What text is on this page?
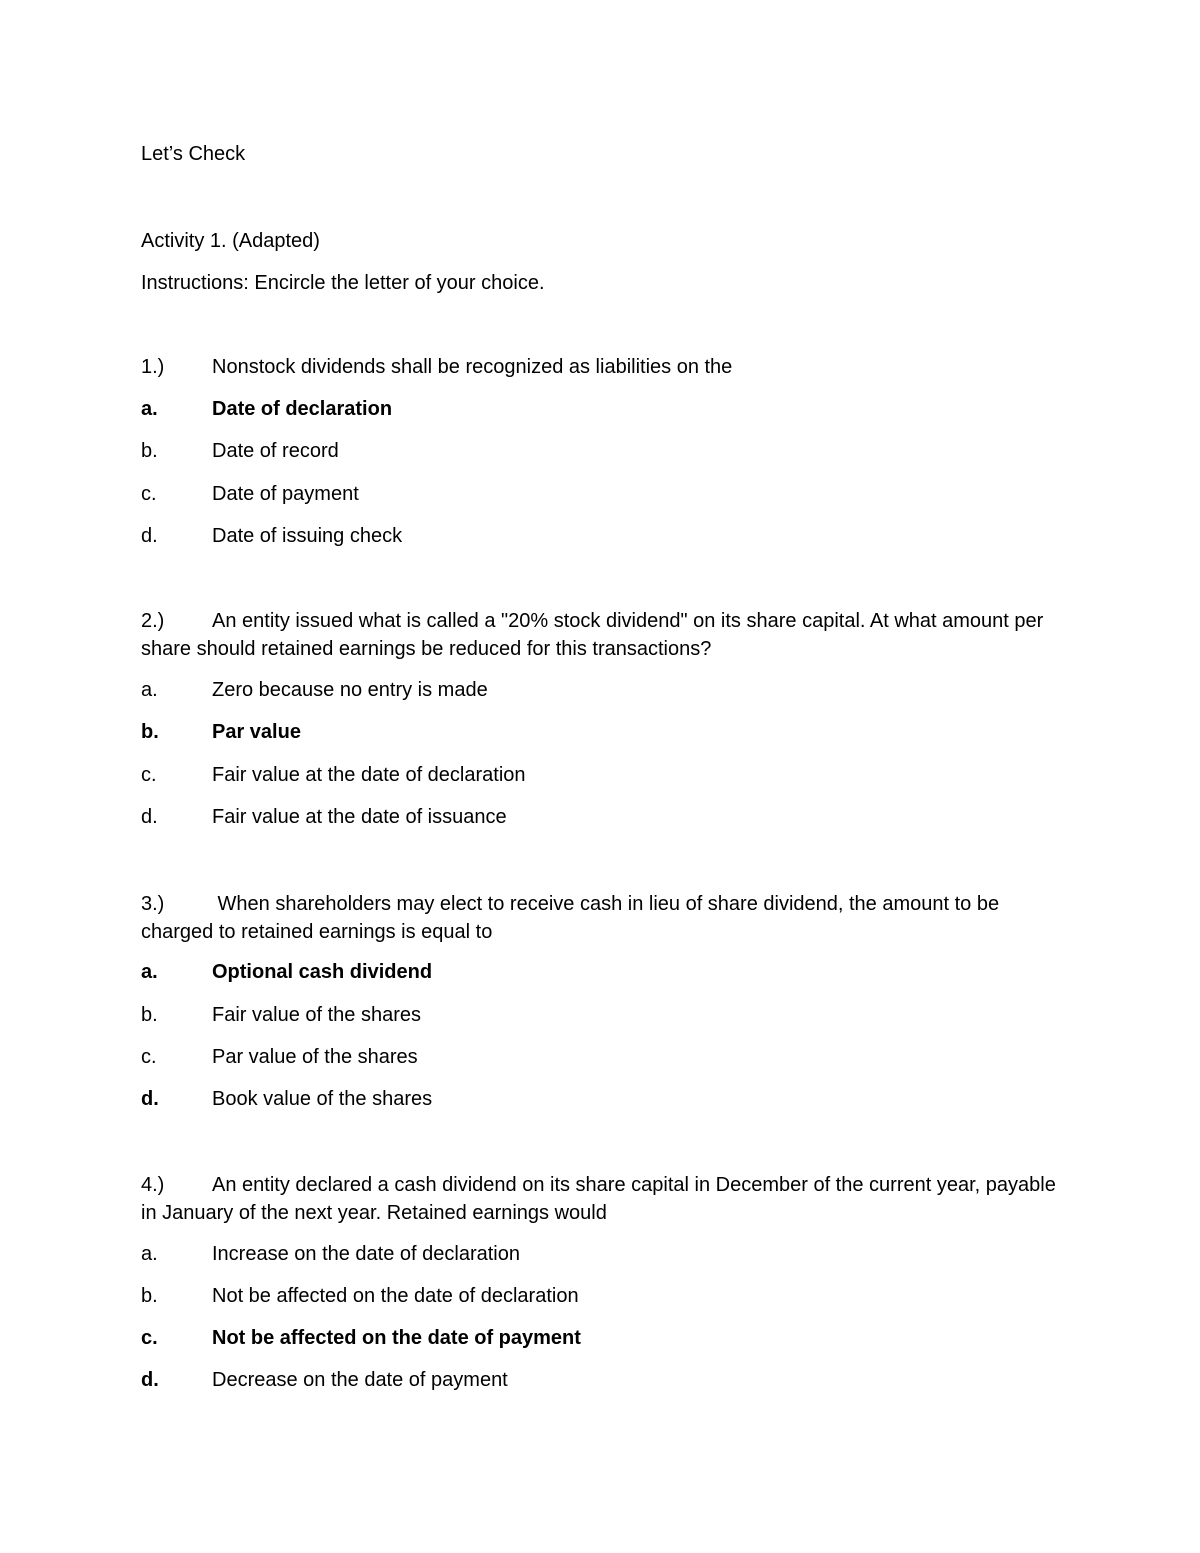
Let’s Check
Activity 1. (Adapted)
Instructions: Encircle the letter of your choice.
1.) Nonstock dividends shall be recognized as liabilities on the
a.	Date of declaration
b.	Date of record
c.	Date of payment
d.	Date of issuing check
2.) An entity issued what is called a "20% stock dividend" on its share capital. At what amount per share should retained earnings be reduced for this transactions?
a.	Zero because no entry is made
b.	Par value
c.	Fair value at the date of declaration
d.	Fair value at the date of issuance
3.) When shareholders may elect to receive cash in lieu of share dividend, the amount to be charged to retained earnings is equal to
a.	Optional cash dividend
b.	Fair value of the shares
c.	Par value of the shares
d.	Book value of the shares
4.) An entity declared a cash dividend on its share capital in December of the current year, payable in January of the next year. Retained earnings would
a.	Increase on the date of declaration
b.	Not be affected on the date of declaration
c.	Not be affected on the date of payment
d.	Decrease on the date of payment
